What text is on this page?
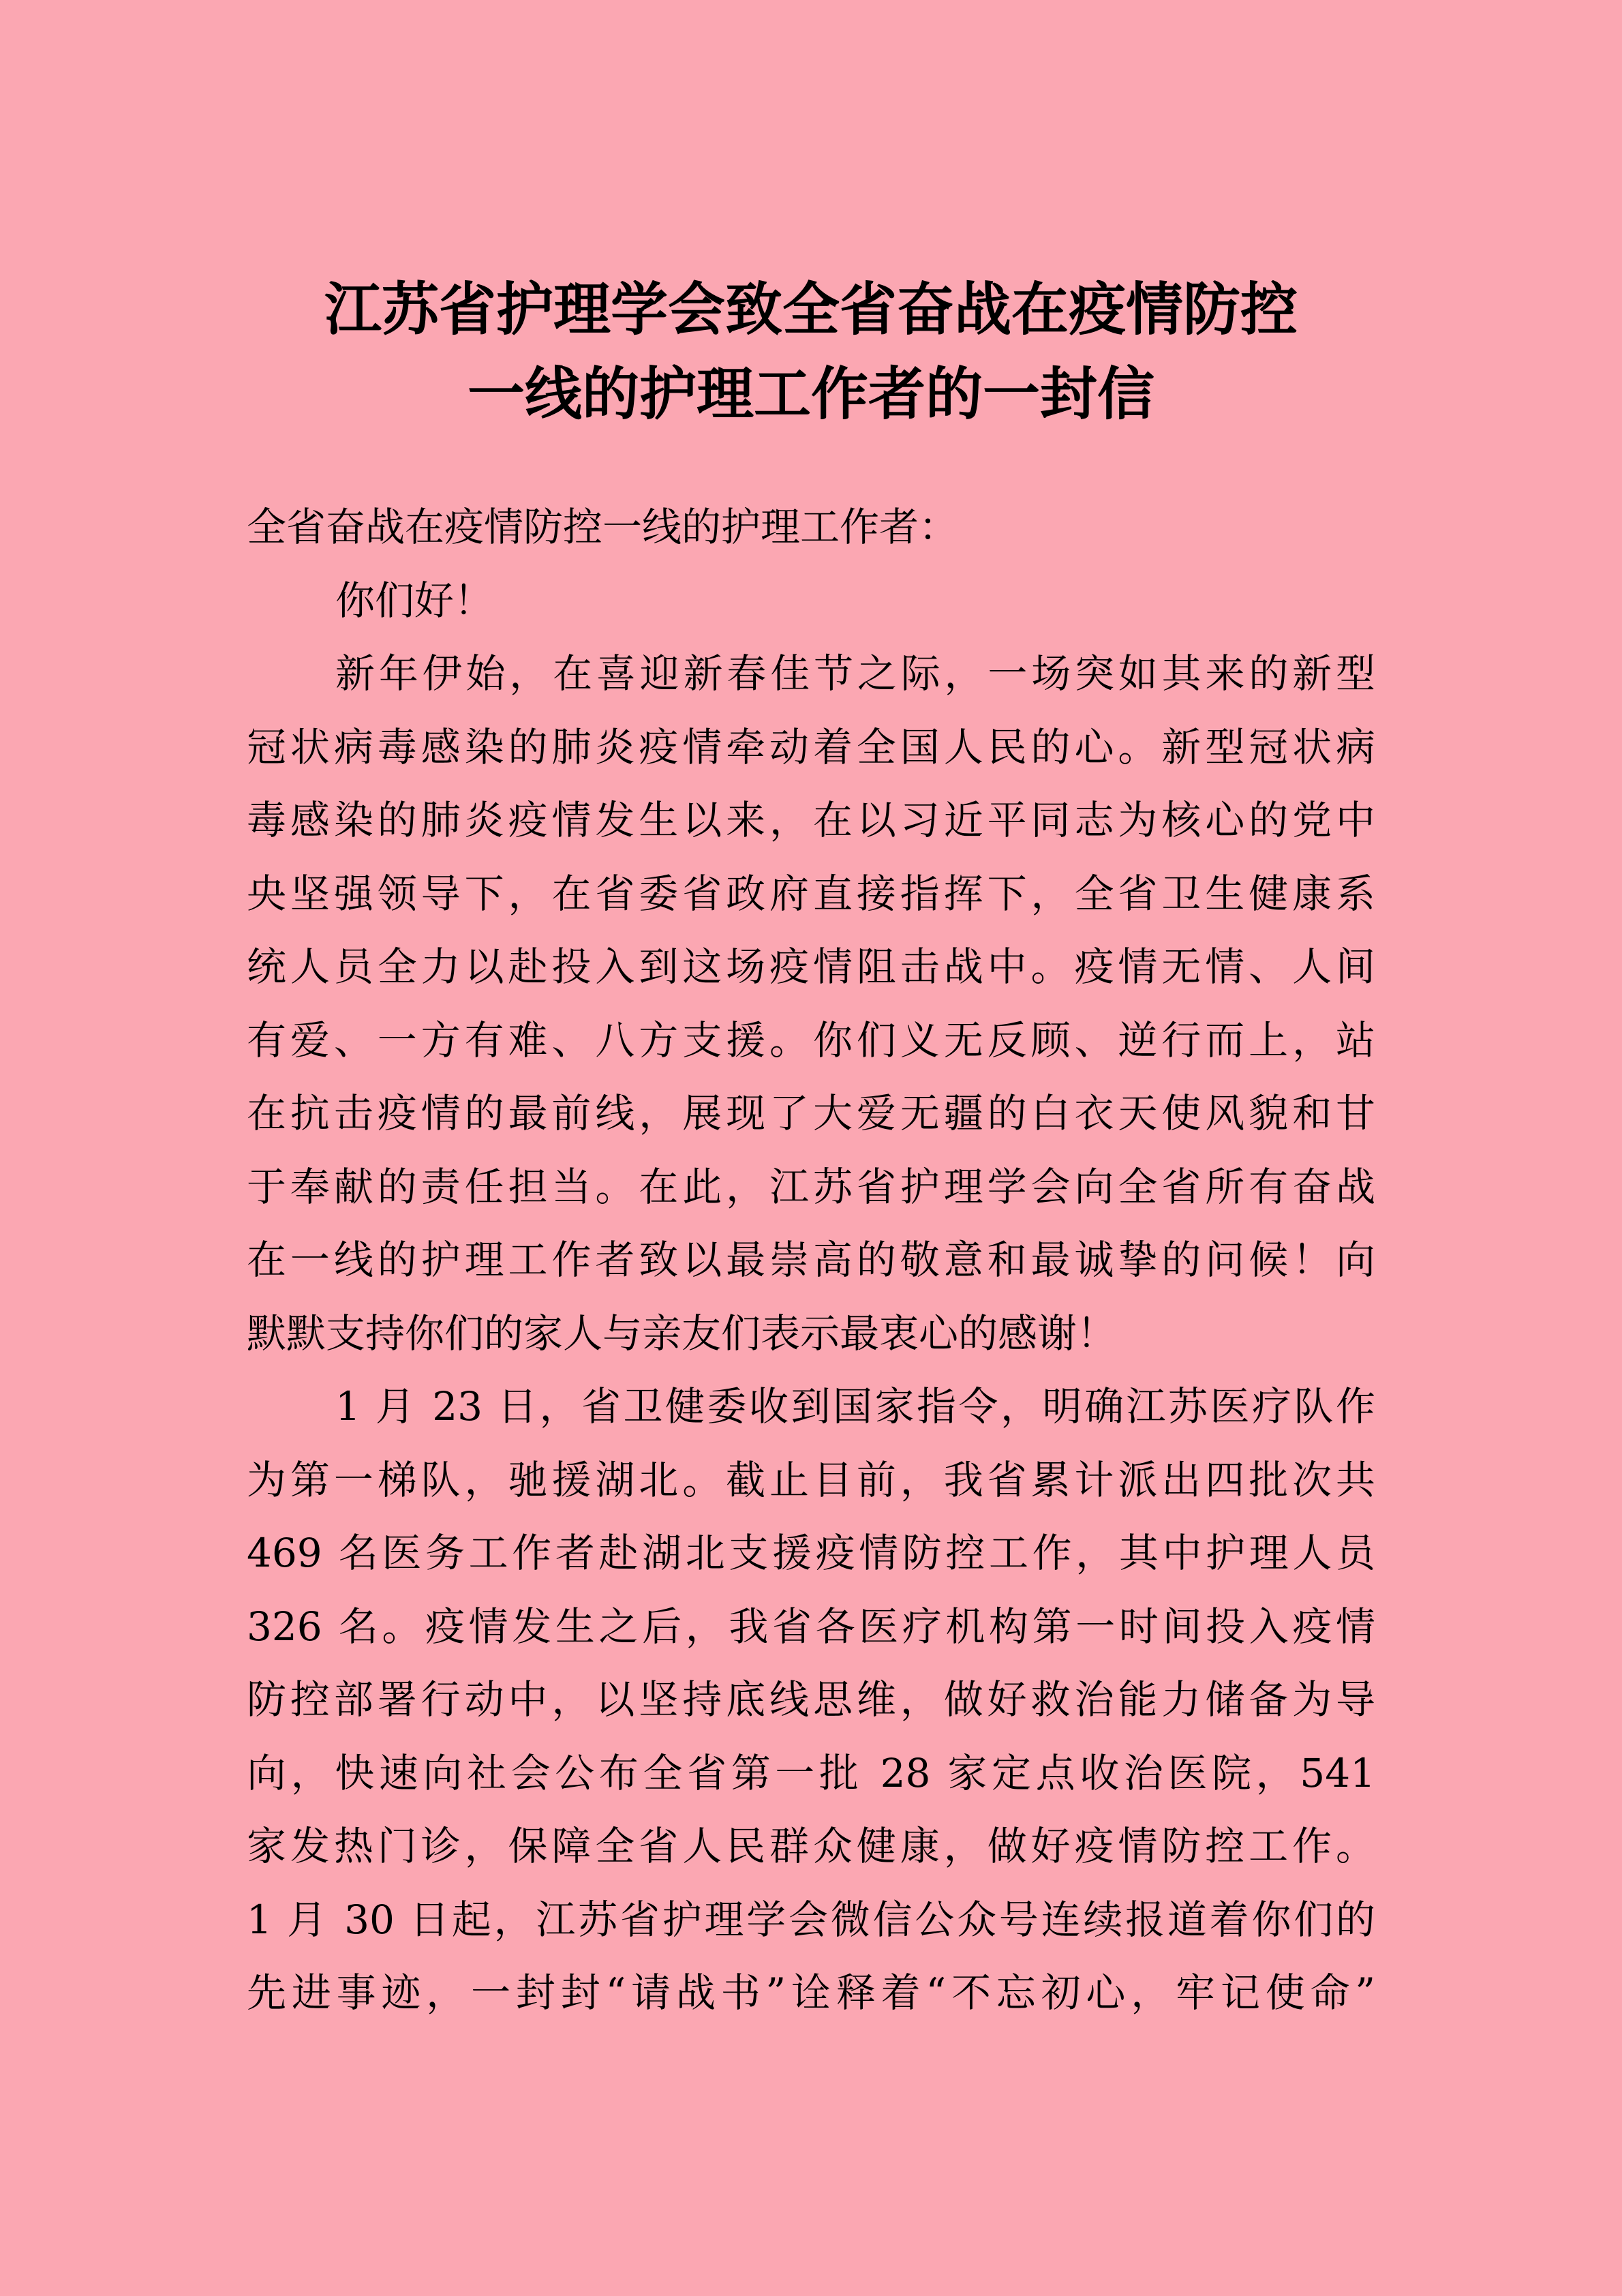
江苏省护理学会致全省奋战在疫情防控
一线的护理工作者的一封信
全省奋战在疫情防控一线的护理工作者：
你们好！
新年伊始，在喜迎新春佳节之际，一场突如其来的新型
冠状病毒感染的肺炎疫情牵动着全国人民的心。新型冠状病
毒感染的肺炎疫情发生以来，在以习近平同志为核心的党中
央坚强领导下，在省委省政府直接指挥下，全省卫生健康系
统人员全力以赴投入到这场疫情阻击战中。疫情无情、人间
有爱、一方有难、八方支援。你们义无反顾、逆行而上，站
在抗击疫情的最前线，展现了大爱无疆的白衣天使风貌和甘
于奉献的责任担当。在此，江苏省护理学会向全省所有奋战
在一线的护理工作者致以最崇高的敬意和最诚挚的问候！向
默默支持你们的家人与亲友们表示最衷心的感谢！
1 月 23 日，省卫健委收到国家指令，明确江苏医疗队作
为第一梯队，驰援湖北。截止目前，我省累计派出四批次共
469 名医务工作者赴湖北支援疫情防控工作，其中护理人员
326 名。疫情发生之后，我省各医疗机构第一时间投入疫情
防控部署行动中，以坚持底线思维，做好救治能力储备为导
向，快速向社会公布全省第一批 28 家定点收治医院，541
家发热门诊，保障全省人民群众健康，做好疫情防控工作。
1 月 30 日起，江苏省护理学会微信公众号连续报道着你们的
先进事迹，一封封“请战书”诠释着“不忘初心，牢记使命”
